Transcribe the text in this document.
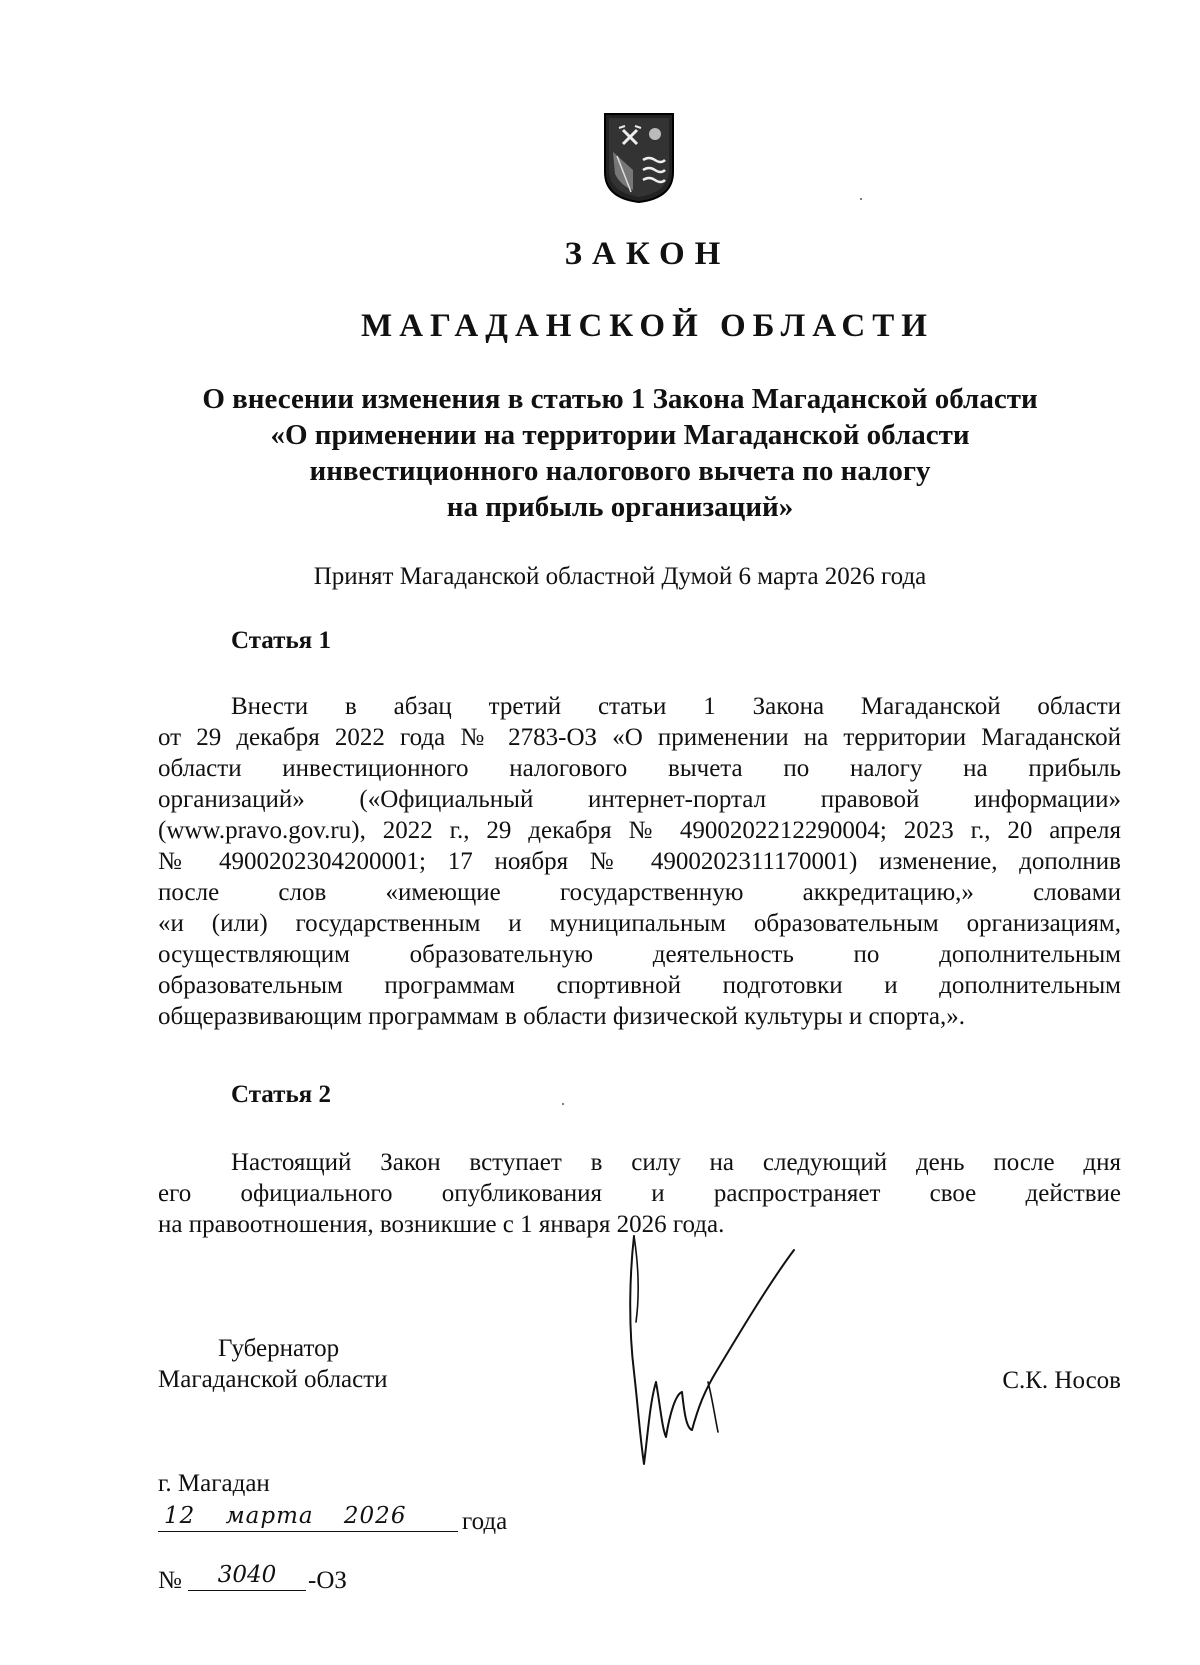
ЗАКОН
МАГАДАНСКОЙ ОБЛАСТИ
О внесении изменения в статью 1 Закона Магаданской области
«О применении на территории Магаданской области
инвестиционного налогового вычета по налогу
на прибыль организаций»
Принят Магаданской областной Думой 6 марта 2026 года
Статья 1
Внести в абзац третий статьи 1 Закона Магаданской области
от 29 декабря 2022 года № 2783-ОЗ «О применении на территории Магаданской
области инвестиционного налогового вычета по налогу на прибыль
организаций» («Официальный интернет-портал правовой информации»
(www.pravo.gov.ru), 2022 г., 29 декабря № 4900202212290004; 2023 г., 20 апреля
№ 4900202304200001; 17 ноября № 4900202311170001) изменение, дополнив
после слов «имеющие государственную аккредитацию,» словами
«и (или) государственным и муниципальным образовательным организациям,
осуществляющим образовательную деятельность по дополнительным
образовательным программам спортивной подготовки и дополнительным
общеразвивающим программам в области физической культуры и спорта,».
Статья 2
Настоящий Закон вступает в силу на следующий день после дня
его официального опубликования и распространяет свое действие
на правоотношения, возникшие с 1 января 2026 года.
Губернатор
Магаданской области	С.К. Носов
г. Магадан
12 марта 2026	года
№	3040	-ОЗ
